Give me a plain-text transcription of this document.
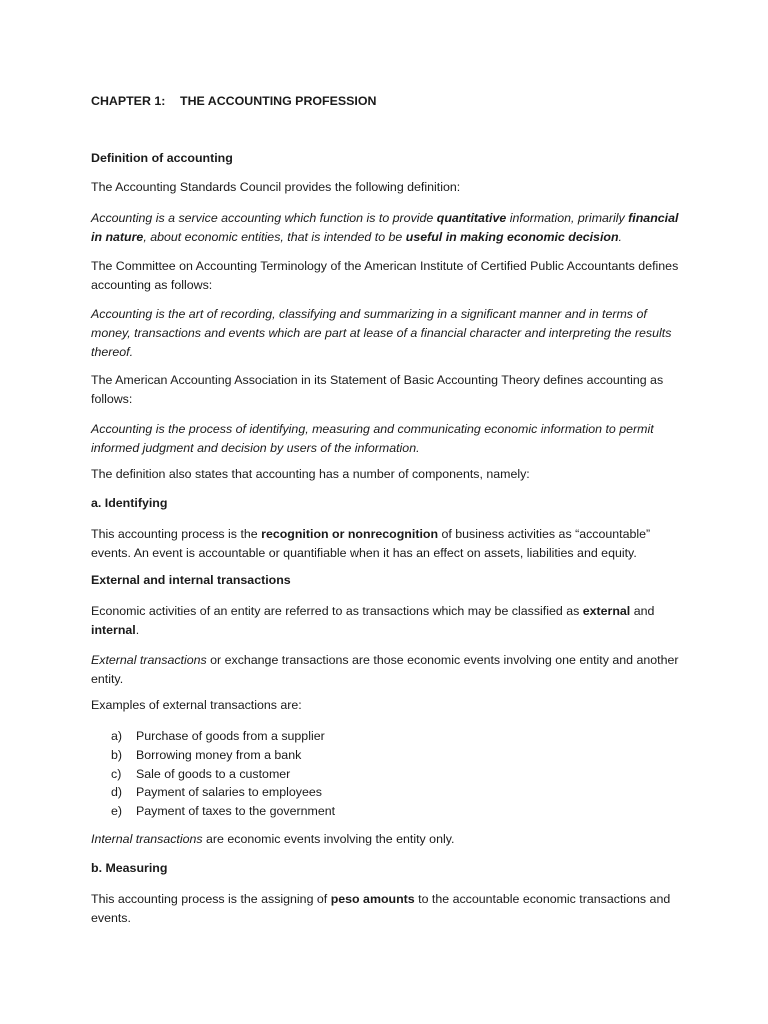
CHAPTER 1: THE ACCOUNTING PROFESSION
Definition of accounting
The Accounting Standards Council provides the following definition:
Accounting is a service accounting which function is to provide quantitative information, primarily financial in nature, about economic entities, that is intended to be useful in making economic decision.
The Committee on Accounting Terminology of the American Institute of Certified Public Accountants defines accounting as follows:
Accounting is the art of recording, classifying and summarizing in a significant manner and in terms of money, transactions and events which are part at lease of a financial character and interpreting the results thereof.
The American Accounting Association in its Statement of Basic Accounting Theory defines accounting as follows:
Accounting is the process of identifying, measuring and communicating economic information to permit informed judgment and decision by users of the information.
The definition also states that accounting has a number of components, namely:
a. Identifying
This accounting process is the recognition or nonrecognition of business activities as “accountable” events. An event is accountable or quantifiable when it has an effect on assets, liabilities and equity.
External and internal transactions
Economic activities of an entity are referred to as transactions which may be classified as external and internal.
External transactions or exchange transactions are those economic events involving one entity and another entity.
Examples of external transactions are:
a)	Purchase of goods from a supplier
b)	Borrowing money from a bank
c)	Sale of goods to a customer
d)	Payment of salaries to employees
e)	Payment of taxes to the government
Internal transactions are economic events involving the entity only.
b. Measuring
This accounting process is the assigning of peso amounts to the accountable economic transactions and events.
